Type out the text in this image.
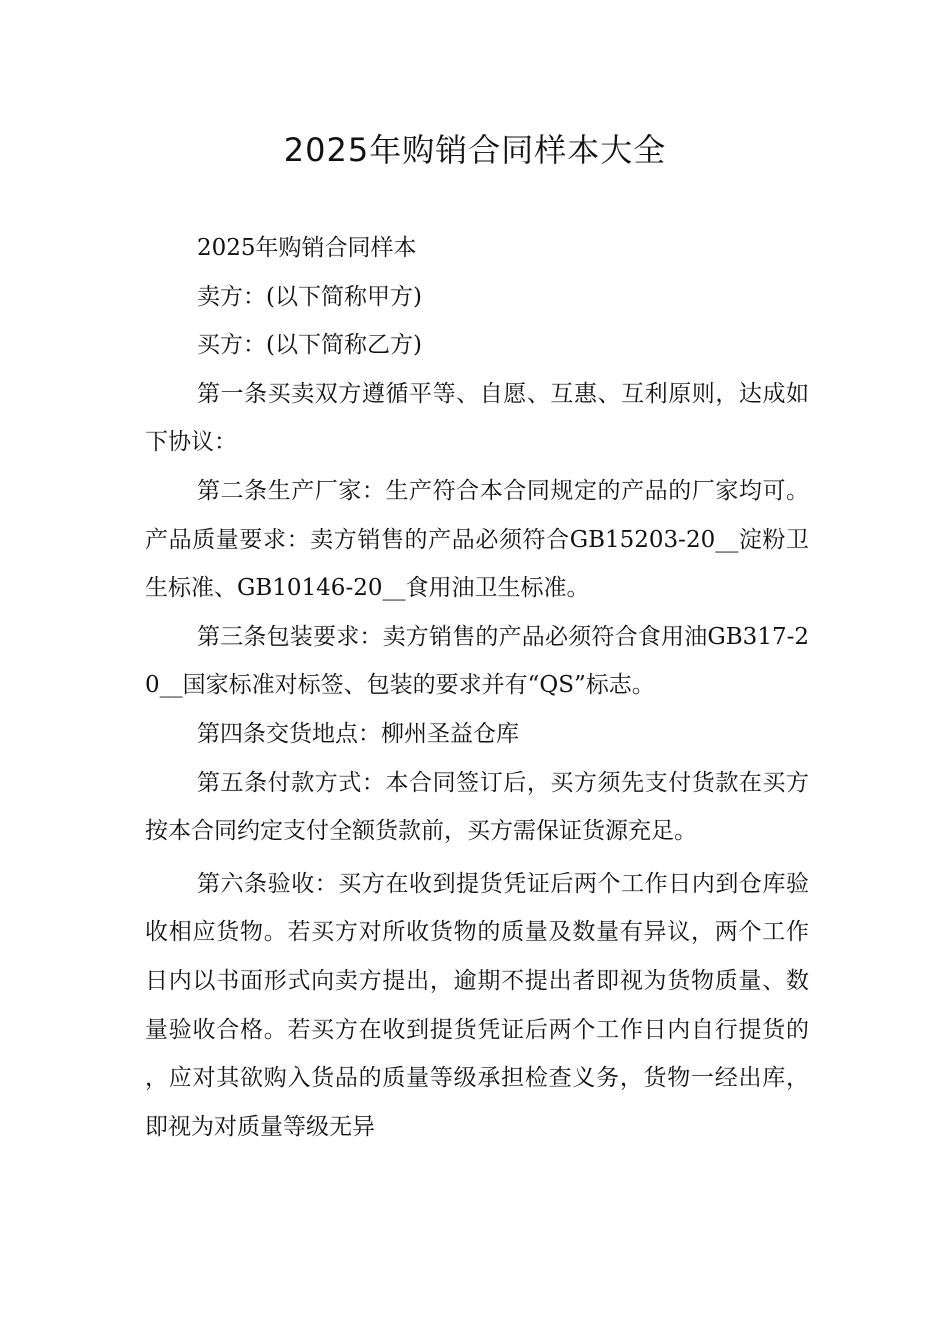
2025年购销合同样本大全

2025年购销合同样本

卖方：(以下简称甲方)

买方：(以下简称乙方)

第一条买卖双方遵循平等、自愿、互惠、互利原则，达成如下协议：

第二条生产厂家：生产符合本合同规定的产品的厂家均可。产品质量要求：卖方销售的产品必须符合GB15203-20__淀粉卫生标准、GB10146-20__食用油卫生标准。

第三条包装要求：卖方销售的产品必须符合食用油GB317-20__国家标准对标签、包装的要求并有“QS”标志。

第四条交货地点：柳州圣益仓库

第五条付款方式：本合同签订后，买方须先支付货款在买方按本合同约定支付全额货款前，买方需保证货源充足。

第六条验收：买方在收到提货凭证后两个工作日内到仓库验收相应货物。若买方对所收货物的质量及数量有异议，两个工作日内以书面形式向卖方提出，逾期不提出者即视为货物质量、数量验收合格。若买方在收到提货凭证后两个工作日内自行提货的，应对其欲购入货品的质量等级承担检查义务，货物一经出库，即视为对质量等级无异
